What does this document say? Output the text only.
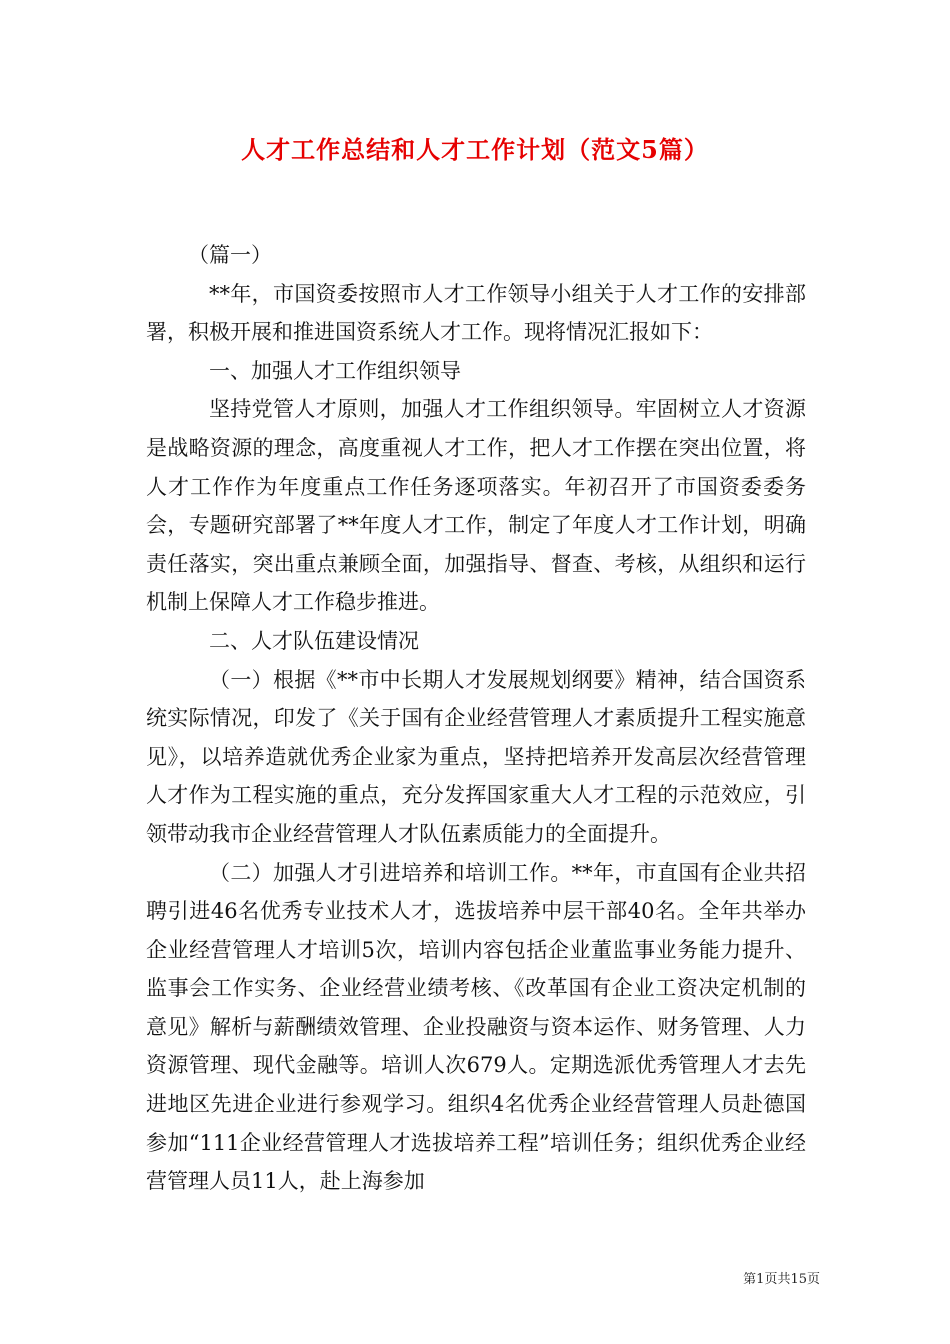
人才工作总结和人才工作计划（范文5篇）

（篇一）

**年，市国资委按照市人才工作领导小组关于人才工作的安排部署，积极开展和推进国资系统人才工作。现将情况汇报如下：

一、加强人才工作组织领导

坚持党管人才原则，加强人才工作组织领导。牢固树立人才资源是战略资源的理念，高度重视人才工作，把人才工作摆在突出位置，将人才工作作为年度重点工作任务逐项落实。年初召开了市国资委委务会，专题研究部署了**年度人才工作，制定了年度人才工作计划，明确责任落实，突出重点兼顾全面，加强指导、督查、考核，从组织和运行机制上保障人才工作稳步推进。

二、人才队伍建设情况

（一）根据《**市中长期人才发展规划纲要》精神，结合国资系统实际情况，印发了《关于国有企业经营管理人才素质提升工程实施意见》，以培养造就优秀企业家为重点，坚持把培养开发高层次经营管理人才作为工程实施的重点，充分发挥国家重大人才工程的示范效应，引领带动我市企业经营管理人才队伍素质能力的全面提升。

（二）加强人才引进培养和培训工作。**年，市直国有企业共招聘引进46名优秀专业技术人才，选拔培养中层干部40名。全年共举办企业经营管理人才培训5次，培训内容包括企业董监事业务能力提升、监事会工作实务、企业经营业绩考核、《改革国有企业工资决定机制的意见》解析与薪酬绩效管理、企业投融资与资本运作、财务管理、人力资源管理、现代金融等。培训人次679人。定期选派优秀管理人才去先进地区先进企业进行参观学习。组织4名优秀企业经营管理人员赴德国参加“111企业经营管理人才选拔培养工程”培训任务；组织优秀企业经营管理人员11人，赴上海参加

第1页共15页
